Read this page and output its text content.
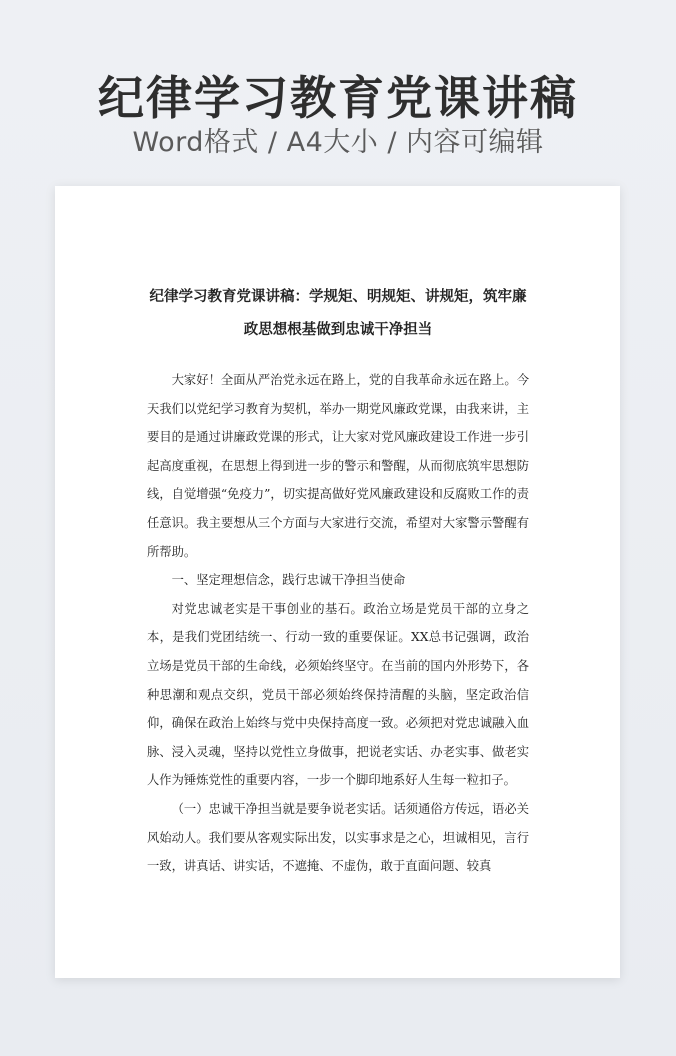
纪律学习教育党课讲稿
Word格式 / A4大小 / 内容可编辑
纪律学习教育党课讲稿：学规矩、明规矩、讲规矩，筑牢廉
政思想根基做到忠诚干净担当

大家好！全面从严治党永远在路上，党的自我革命永远在路上。今天我们以党纪学习教育为契机，举办一期党风廉政党课，由我来讲，主要目的是通过讲廉政党课的形式，让大家对党风廉政建设工作进一步引起高度重视，在思想上得到进一步的警示和警醒，从而彻底筑牢思想防线，自觉增强“免疫力”，切实提高做好党风廉政建设和反腐败工作的责任意识。我主要想从三个方面与大家进行交流，希望对大家警示警醒有所帮助。

一、坚定理想信念，践行忠诚干净担当使命

对党忠诚老实是干事创业的基石。政治立场是党员干部的立身之本，是我们党团结统一、行动一致的重要保证。XX总书记强调，政治立场是党员干部的生命线，必须始终坚守。在当前的国内外形势下，各种思潮和观点交织，党员干部必须始终保持清醒的头脑，坚定政治信仰，确保在政治上始终与党中央保持高度一致。必须把对党忠诚融入血脉、浸入灵魂，坚持以党性立身做事，把说老实话、办老实事、做老实人作为锤炼党性的重要内容，一步一个脚印地系好人生每一粒扣子。

（一）忠诚干净担当就是要争说老实话。话须通俗方传远，语必关风始动人。我们要从客观实际出发，以实事求是之心，坦诚相见，言行一致，讲真话、讲实话，不遮掩、不虚伪，敢于直面问题、较真
